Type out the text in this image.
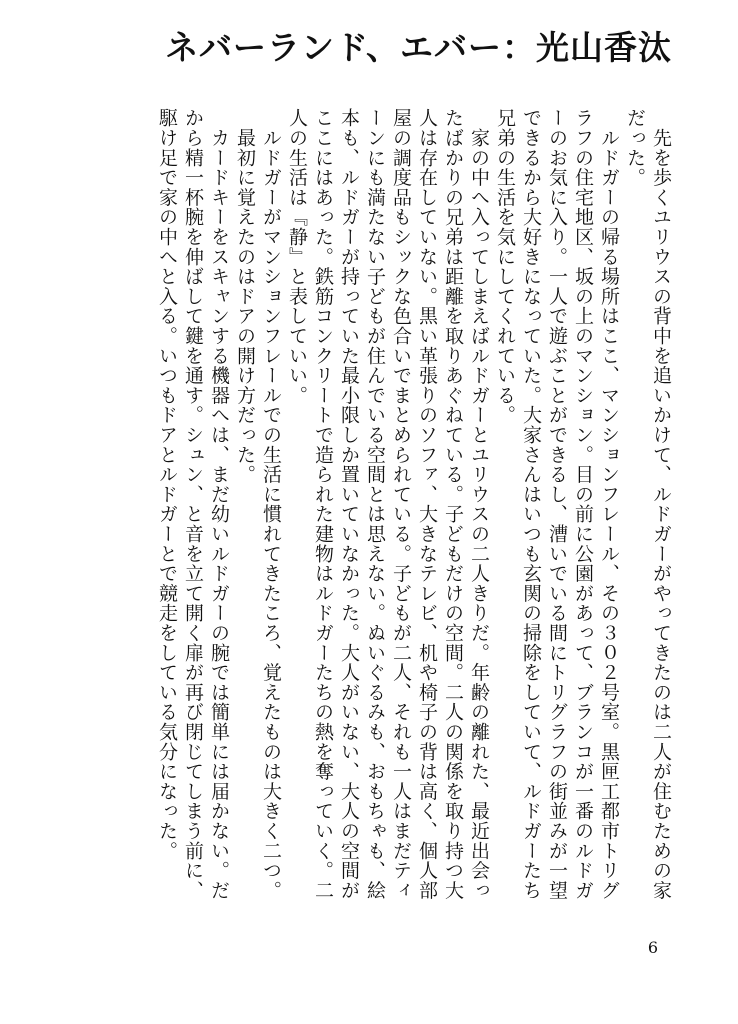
ネバーランド、エバー：光山香汰

　先を歩くユリウスの背中を追いかけて、ルドガーがやってきたのは二人が住むための家だった。

　ルドガーの帰る場所はここ、マンションフレール、その３０２号室。黒匣工都市トリグラフの住宅地区、坂の上のマンション。目の前に公園があって、ブランコが一番のルドガーのお気に入り。一人で遊ぶことができるし、漕いでいる間にトリグラフの街並みが一望できるから大好きになっていた。大家さんはいつも玄関の掃除をしていて、ルドガーたち兄弟の生活を気にしてくれている。

　家の中へ入ってしまえばルドガーとユリウスの二人きりだ。年齢の離れた、最近出会ったばかりの兄弟は距離を取りあぐねている。子どもだけの空間。二人の関係を取り持つ大人は存在していない。黒い革張りのソファ、大きなテレビ、机や椅子の背は高く、個人部屋の調度品もシックな色合いでまとめられている。子どもが二人、それも一人はまだティーンにも満たない子どもが住んでいる空間とは思えない。ぬいぐるみも、おもちゃも、絵本も、ルドガーが持っていた最小限しか置いていなかった。大人がいない、大人の空間がここにはあった。鉄筋コンクリートで造られた建物はルドガーたちの熱を奪っていく。二人の生活は『静』と表していい。

　ルドガーがマンションフレールでの生活に慣れてきたころ、覚えたものは大きく二つ。

　最初に覚えたのはドアの開け方だった。

　カードキーをスキャンする機器へは、まだ幼いルドガーの腕では簡単には届かない。だから精一杯腕を伸ばして鍵を通す。シュン、と音を立て開く扉が再び閉じてしまう前に、駆け足で家の中へと入る。いつもドアとルドガーとで競走をしている気分になった。

6
